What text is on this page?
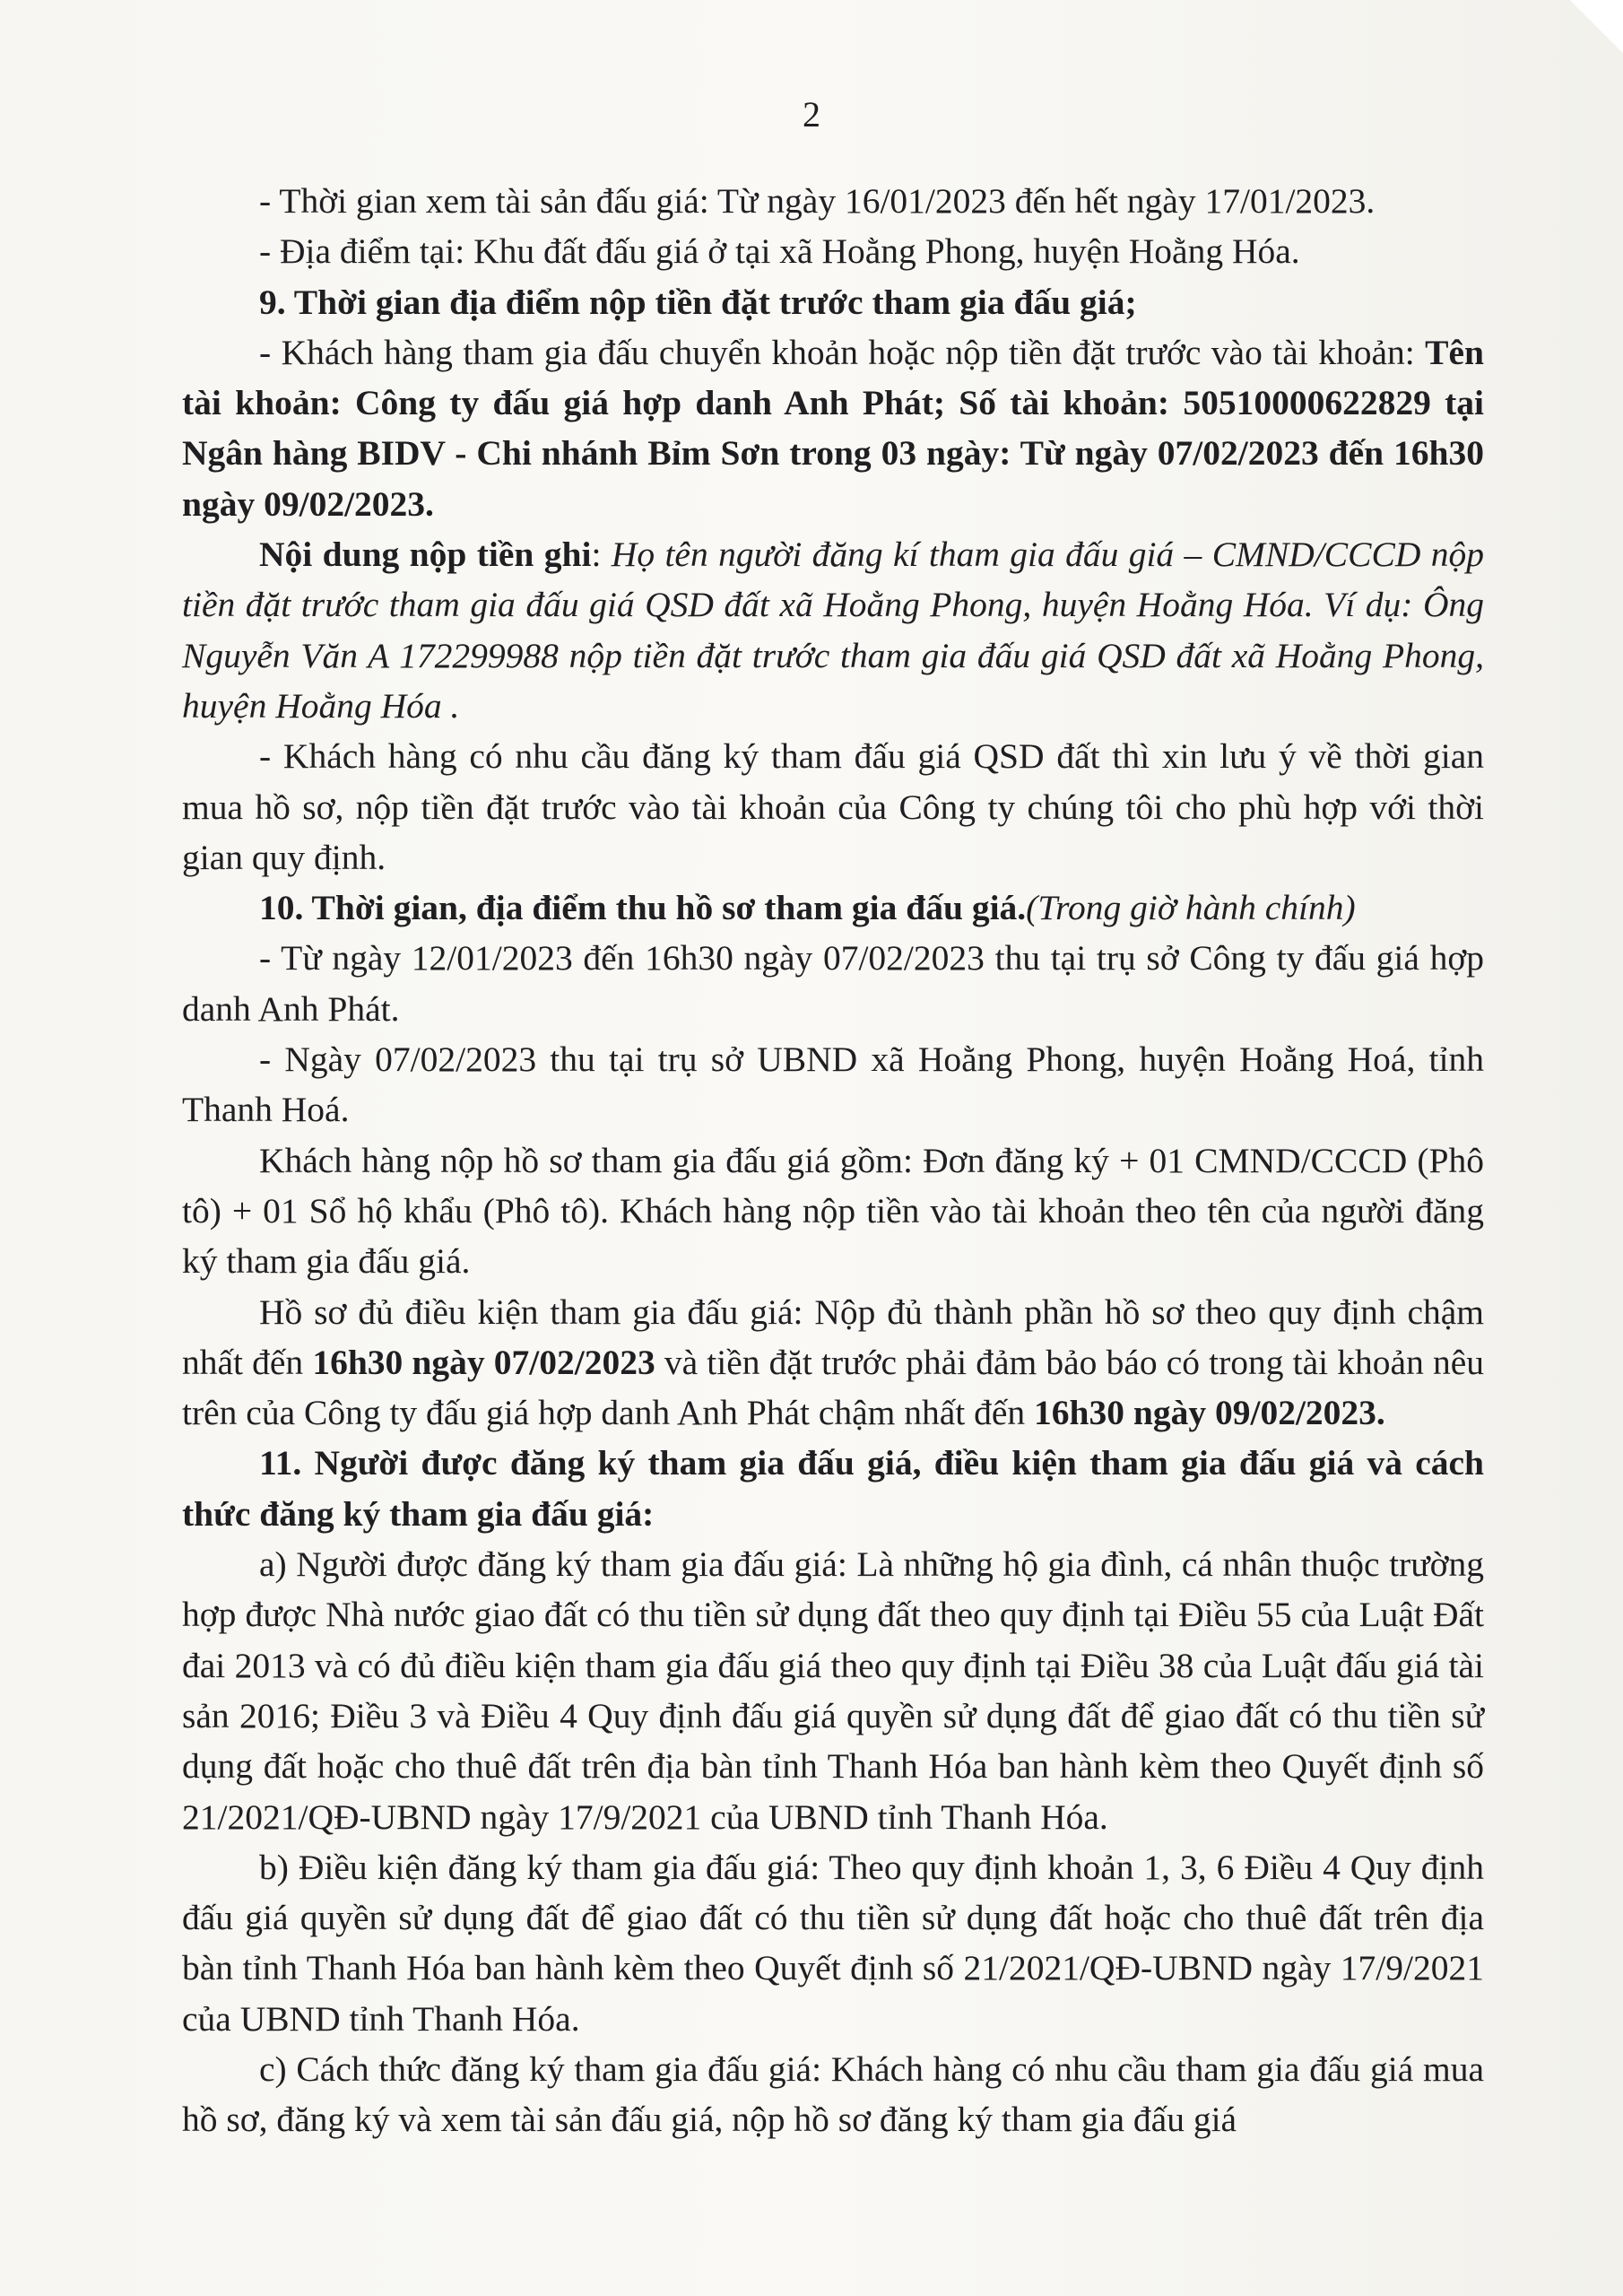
2

- Thời gian xem tài sản đấu giá: Từ ngày 16/01/2023 đến hết ngày 17/01/2023.

- Địa điểm tại: Khu đất đấu giá ở tại xã Hoằng Phong, huyện Hoằng Hóa.

9. Thời gian địa điểm nộp tiền đặt trước tham gia đấu giá;

- Khách hàng tham gia đấu chuyển khoản hoặc nộp tiền đặt trước vào tài khoản: Tên tài khoản: Công ty đấu giá hợp danh Anh Phát; Số tài khoản: 50510000622829 tại Ngân hàng BIDV - Chi nhánh Bỉm Sơn trong 03 ngày: Từ ngày 07/02/2023 đến 16h30 ngày 09/02/2023.

Nội dung nộp tiền ghi: Họ tên người đăng kí tham gia đấu giá – CMND/CCCD nộp tiền đặt trước tham gia đấu giá QSD đất xã Hoằng Phong, huyện Hoằng Hóa. Ví dụ: Ông Nguyễn Văn A 172299988 nộp tiền đặt trước tham gia đấu giá QSD đất xã Hoằng Phong, huyện Hoằng Hóa .

- Khách hàng có nhu cầu đăng ký tham đấu giá QSD đất thì xin lưu ý về thời gian mua hồ sơ, nộp tiền đặt trước vào tài khoản của Công ty chúng tôi cho phù hợp với thời gian quy định.

10. Thời gian, địa điểm thu hồ sơ tham gia đấu giá.(Trong giờ hành chính)

- Từ ngày 12/01/2023 đến 16h30 ngày 07/02/2023 thu tại trụ sở Công ty đấu giá hợp danh Anh Phát.

- Ngày 07/02/2023 thu tại trụ sở UBND xã Hoằng Phong, huyện Hoằng Hoá, tỉnh Thanh Hoá.

Khách hàng nộp hồ sơ tham gia đấu giá gồm: Đơn đăng ký + 01 CMND/CCCD (Phô tô) + 01 Sổ hộ khẩu (Phô tô). Khách hàng nộp tiền vào tài khoản theo tên của người đăng ký tham gia đấu giá.

Hồ sơ đủ điều kiện tham gia đấu giá: Nộp đủ thành phần hồ sơ theo quy định chậm nhất đến 16h30 ngày 07/02/2023 và tiền đặt trước phải đảm bảo báo có trong tài khoản nêu trên của Công ty đấu giá hợp danh Anh Phát chậm nhất đến 16h30 ngày 09/02/2023.

11. Người được đăng ký tham gia đấu giá, điều kiện tham gia đấu giá và cách thức đăng ký tham gia đấu giá:

a) Người được đăng ký tham gia đấu giá: Là những hộ gia đình, cá nhân thuộc trường hợp được Nhà nước giao đất có thu tiền sử dụng đất theo quy định tại Điều 55 của Luật Đất đai 2013 và có đủ điều kiện tham gia đấu giá theo quy định tại Điều 38 của Luật đấu giá tài sản 2016; Điều 3 và Điều 4 Quy định đấu giá quyền sử dụng đất để giao đất có thu tiền sử dụng đất hoặc cho thuê đất trên địa bàn tỉnh Thanh Hóa ban hành kèm theo Quyết định số 21/2021/QĐ-UBND ngày 17/9/2021 của UBND tỉnh Thanh Hóa.

b) Điều kiện đăng ký tham gia đấu giá: Theo quy định khoản 1, 3, 6 Điều 4 Quy định đấu giá quyền sử dụng đất để giao đất có thu tiền sử dụng đất hoặc cho thuê đất trên địa bàn tỉnh Thanh Hóa ban hành kèm theo Quyết định số 21/2021/QĐ-UBND ngày 17/9/2021 của UBND tỉnh Thanh Hóa.

c) Cách thức đăng ký tham gia đấu giá: Khách hàng có nhu cầu tham gia đấu giá mua hồ sơ, đăng ký và xem tài sản đấu giá, nộp hồ sơ đăng ký tham gia đấu giá
